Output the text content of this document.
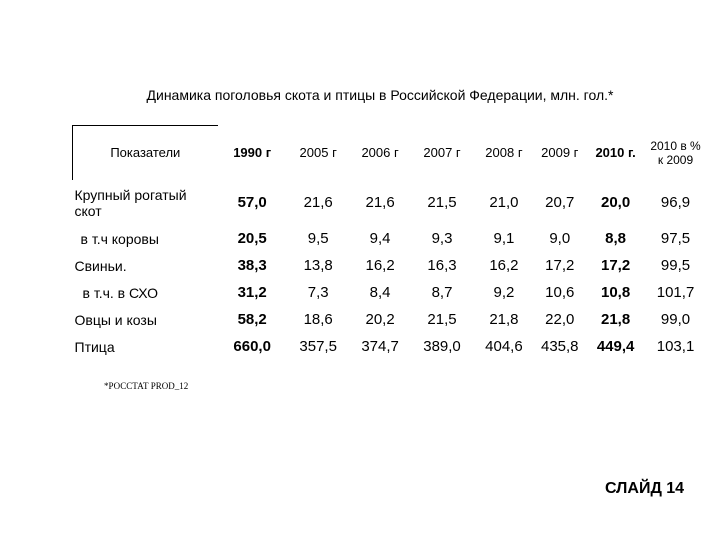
Динамика поголовья скота и птицы в Российской Федерации, млн. гол.*
Показатели	1990 г	2005 г	2006 г	2007 г	2008 г	2009 г	2010 г.	2010 в % к 2009
Крупный рогатый скот	57,0	21,6	21,6	21,5	21,0	20,7	20,0	96,9
в т.ч коровы	20,5	9,5	9,4	9,3	9,1	9,0	8,8	97,5
Свиньи.	38,3	13,8	16,2	16,3	16,2	17,2	17,2	99,5
в т.ч. в СХО	31,2	7,3	8,4	8,7	9,2	10,6	10,8	101,7
Овцы и козы	58,2	18,6	20,2	21,5	21,8	22,0	21,8	99,0
Птица	660,0	357,5	374,7	389,0	404,6	435,8	449,4	103,1
*РОССТАТ PROD_12
СЛАЙД 14
